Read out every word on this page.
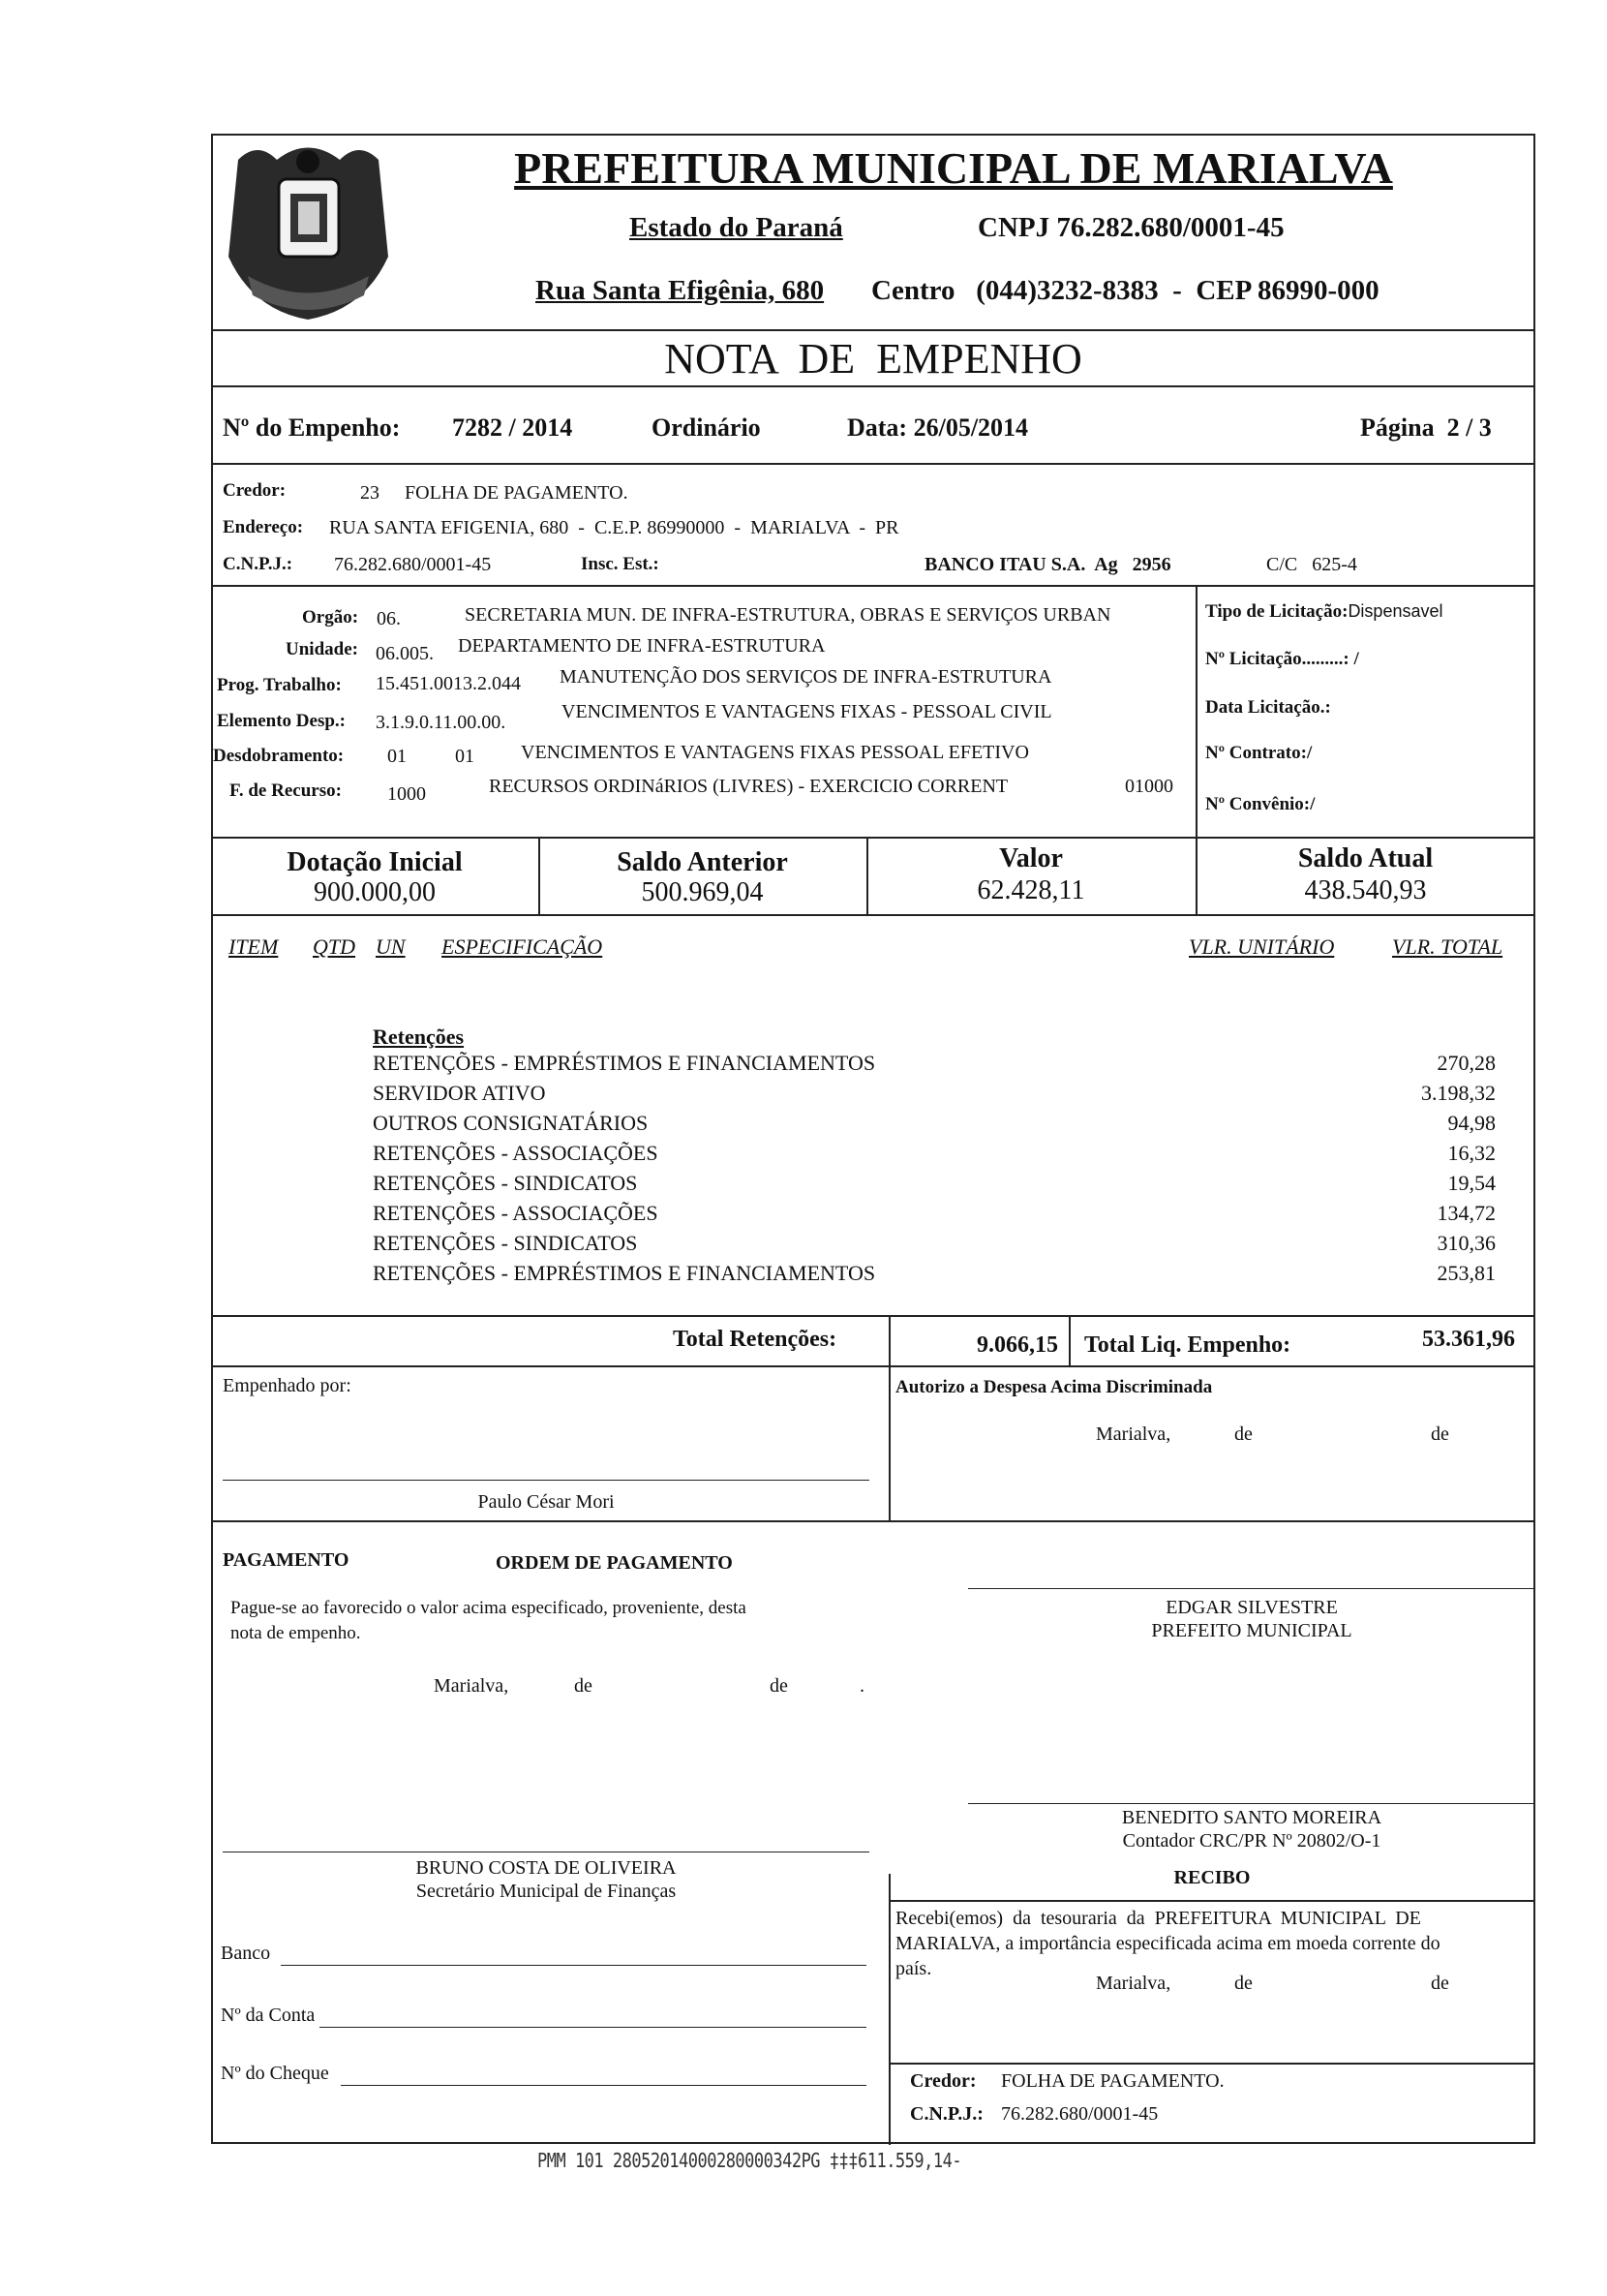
PREFEITURA MUNICIPAL DE MARIALVA
Estado do Paraná	CNPJ 76.282.680/0001-45
Rua Santa Efigênia, 680 Centro   (044)3232-8383  -  CEP 86990-000
NOTA  DE  EMPENHO
Nº do Empenho: 7282 / 2014	Ordinário	Data: 26/05/2014	Página  2 / 3
Credor:	23 FOLHA DE PAGAMENTO.
Endereço: RUA SANTA EFIGENIA, 680  -  C.E.P. 86990000  -  MARIALVA  -  PR
C.N.P.J.: 76.282.680/0001-45	Insc. Est.:	BANCO ITAU S.A.  Ag   2956	C/C   625-4
Orgão: 06.	SECRETARIA MUN. DE INFRA-ESTRUTURA, OBRAS E SERVIÇOS URBAN
Unidade: 06.005. DEPARTAMENTO DE INFRA-ESTRUTURA
Prog. Trabalho: 15.451.0013.2.044 MANUTENÇÃO DOS SERVIÇOS DE INFRA-ESTRUTURA
Elemento Desp.: 3.1.9.0.11.00.00.	VENCIMENTOS E VANTAGENS FIXAS - PESSOAL CIVIL
Desdobramento: 01	01 VENCIMENTOS E VANTAGENS FIXAS PESSOAL EFETIVO
F. de Recurso: 1000	RECURSOS ORDINáRIOS (LIVRES) - EXERCICIO CORRENT	01000
Tipo de Licitação:Dispensavel
Nº Licitação.........: /
Data Licitação.:
Nº Contrato:/
Nº Convênio:/
Dotação Inicial
900.000,00
Saldo Anterior
500.969,04
Valor
62.428,11
Saldo Atual
438.540,93
ITEM QTD UN ESPECIFICAÇÃO	VLR. UNITÁRIO	VLR. TOTAL
Retenções
RETENÇÕES - EMPRÉSTIMOS E FINANCIAMENTOS	270,28
SERVIDOR ATIVO	3.198,32
OUTROS CONSIGNATÁRIOS	94,98
RETENÇÕES - ASSOCIAÇÕES	16,32
RETENÇÕES - SINDICATOS	19,54
RETENÇÕES - ASSOCIAÇÕES	134,72
RETENÇÕES - SINDICATOS	310,36
RETENÇÕES - EMPRÉSTIMOS E FINANCIAMENTOS	253,81
Total Retenções:	9.066,15 Total Liq. Empenho:	53.361,96
Empenhado por:
Paulo César Mori
Autorizo a Despesa Acima Discriminada
Marialva,	de	de
PAGAMENTO	ORDEM DE PAGAMENTO
Pague-se ao favorecido o valor acima especificado, proveniente, desta
nota de empenho.
Marialva,	de	de	.
EDGAR SILVESTRE
PREFEITO MUNICIPAL
BENEDITO SANTO MOREIRA
Contador CRC/PR Nº 20802/O-1
BRUNO COSTA DE OLIVEIRA
Secretário Municipal de Finanças
RECIBO
Recebi(emos)  da  tesouraria  da  PREFEITURA  MUNICIPAL  DE
MARIALVA, a importância especificada acima em moeda corrente do
país.
Marialva,	de	de
Banco
Nº da Conta
Nº do Cheque	Credor: FOLHA DE PAGAMENTO.
C.N.P.J.: 76.282.680/0001-45
PMM 101 28052014000280000342PG ‡‡‡611.559,14-
